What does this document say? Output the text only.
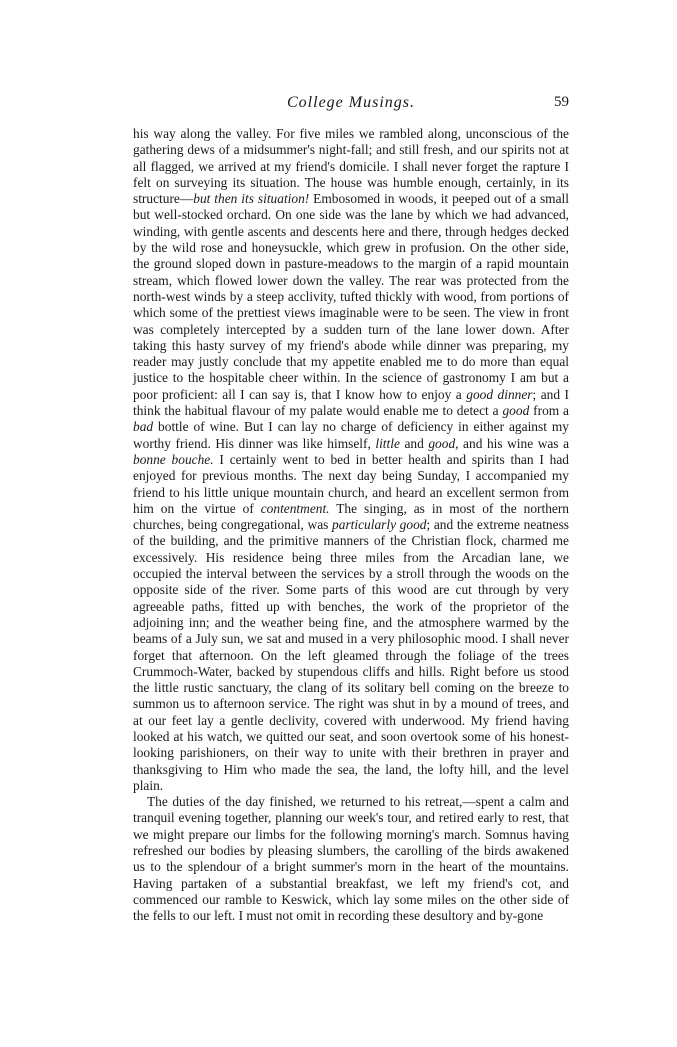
College Musings.	59

his way along the valley. For five miles we rambled along, unconscious of the gathering dews of a midsummer's night-fall; and still fresh, and our spirits not at all flagged, we arrived at my friend's domicile. I shall never forget the rapture I felt on surveying its situation. The house was humble enough, certainly, in its structure—but then its situation! Embosomed in woods, it peeped out of a small but well-stocked orchard. On one side was the lane by which we had advanced, winding, with gentle ascents and descents here and there, through hedges decked by the wild rose and honeysuckle, which grew in profusion. On the other side, the ground sloped down in pasture-meadows to the margin of a rapid mountain stream, which flowed lower down the valley. The rear was protected from the north-west winds by a steep acclivity, tufted thickly with wood, from portions of which some of the prettiest views imaginable were to be seen. The view in front was completely intercepted by a sudden turn of the lane lower down. After taking this hasty survey of my friend's abode while dinner was preparing, my reader may justly conclude that my appetite enabled me to do more than equal justice to the hospitable cheer within. In the science of gastronomy I am but a poor proficient: all I can say is, that I know how to enjoy a good dinner; and I think the habitual flavour of my palate would enable me to detect a good from a bad bottle of wine. But I can lay no charge of deficiency in either against my worthy friend. His dinner was like himself, little and good, and his wine was a bonne bouche. I certainly went to bed in better health and spirits than I had enjoyed for previous months. The next day being Sunday, I accompanied my friend to his little unique mountain church, and heard an excellent sermon from him on the virtue of contentment. The singing, as in most of the northern churches, being congregational, was particularly good; and the extreme neatness of the building, and the primitive manners of the Christian flock, charmed me excessively. His residence being three miles from the Arcadian lane, we occupied the interval between the services by a stroll through the woods on the opposite side of the river. Some parts of this wood are cut through by very agreeable paths, fitted up with benches, the work of the proprietor of the adjoining inn; and the weather being fine, and the atmosphere warmed by the beams of a July sun, we sat and mused in a very philosophic mood. I shall never forget that afternoon. On the left gleamed through the foliage of the trees Crummoch-Water, backed by stupendous cliffs and hills. Right before us stood the little rustic sanctuary, the clang of its solitary bell coming on the breeze to summon us to afternoon service. The right was shut in by a mound of trees, and at our feet lay a gentle declivity, covered with underwood. My friend having looked at his watch, we quitted our seat, and soon overtook some of his honest-looking parishioners, on their way to unite with their brethren in prayer and thanksgiving to Him who made the sea, the land, the lofty hill, and the level plain.

The duties of the day finished, we returned to his retreat,—spent a calm and tranquil evening together, planning our week's tour, and retired early to rest, that we might prepare our limbs for the following morning's march. Somnus having refreshed our bodies by pleasing slumbers, the carolling of the birds awakened us to the splendour of a bright summer's morn in the heart of the mountains. Having partaken of a substantial breakfast, we left my friend's cot, and commenced our ramble to Keswick, which lay some miles on the other side of the fells to our left. I must not omit in recording these desultory and by-gone
